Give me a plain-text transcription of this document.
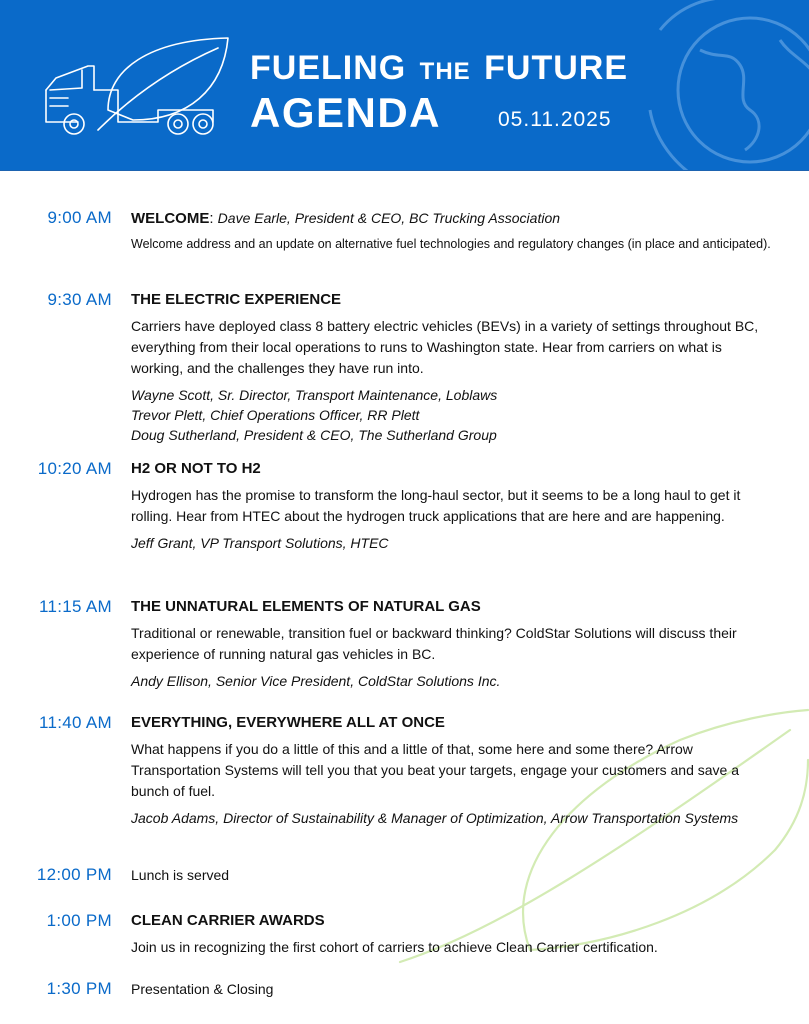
FUELING THE FUTURE
AGENDA	05.11.2025
9:00 AM WELCOME: Dave Earle, President & CEO, BC Trucking Association
Welcome address and an update on alternative fuel technologies and regulatory changes (in place and anticipated).
9:30 AM THE ELECTRIC EXPERIENCE
Carriers have deployed class 8 battery electric vehicles (BEVs) in a variety of settings throughout BC, everything from their local operations to runs to Washington state. Hear from carriers on what is working, and the challenges they have run into.
Wayne Scott, Sr. Director, Transport Maintenance, Loblaws
Trevor Plett, Chief Operations Officer, RR Plett
Doug Sutherland, President & CEO, The Sutherland Group
10:20 AM H2 OR NOT TO H2
Hydrogen has the promise to transform the long-haul sector, but it seems to be a long haul to get it rolling. Hear from HTEC about the hydrogen truck applications that are here and are happening.
Jeff Grant, VP Transport Solutions, HTEC
11:15 AM THE UNNATURAL ELEMENTS OF NATURAL GAS
Traditional or renewable, transition fuel or backward thinking? ColdStar Solutions will discuss their experience of running natural gas vehicles in BC.
Andy Ellison, Senior Vice President, ColdStar Solutions Inc.
11:40 AM EVERYTHING, EVERYWHERE ALL AT ONCE
What happens if you do a little of this and a little of that, some here and some there? Arrow Transportation Systems will tell you that you beat your targets, engage your customers and save a bunch of fuel.
Jacob Adams, Director of Sustainability & Manager of Optimization, Arrow Transportation Systems
12:00 PM Lunch is served
1:00 PM CLEAN CARRIER AWARDS
Join us in recognizing the first cohort of carriers to achieve Clean Carrier certification.
1:30 PM Presentation & Closing
